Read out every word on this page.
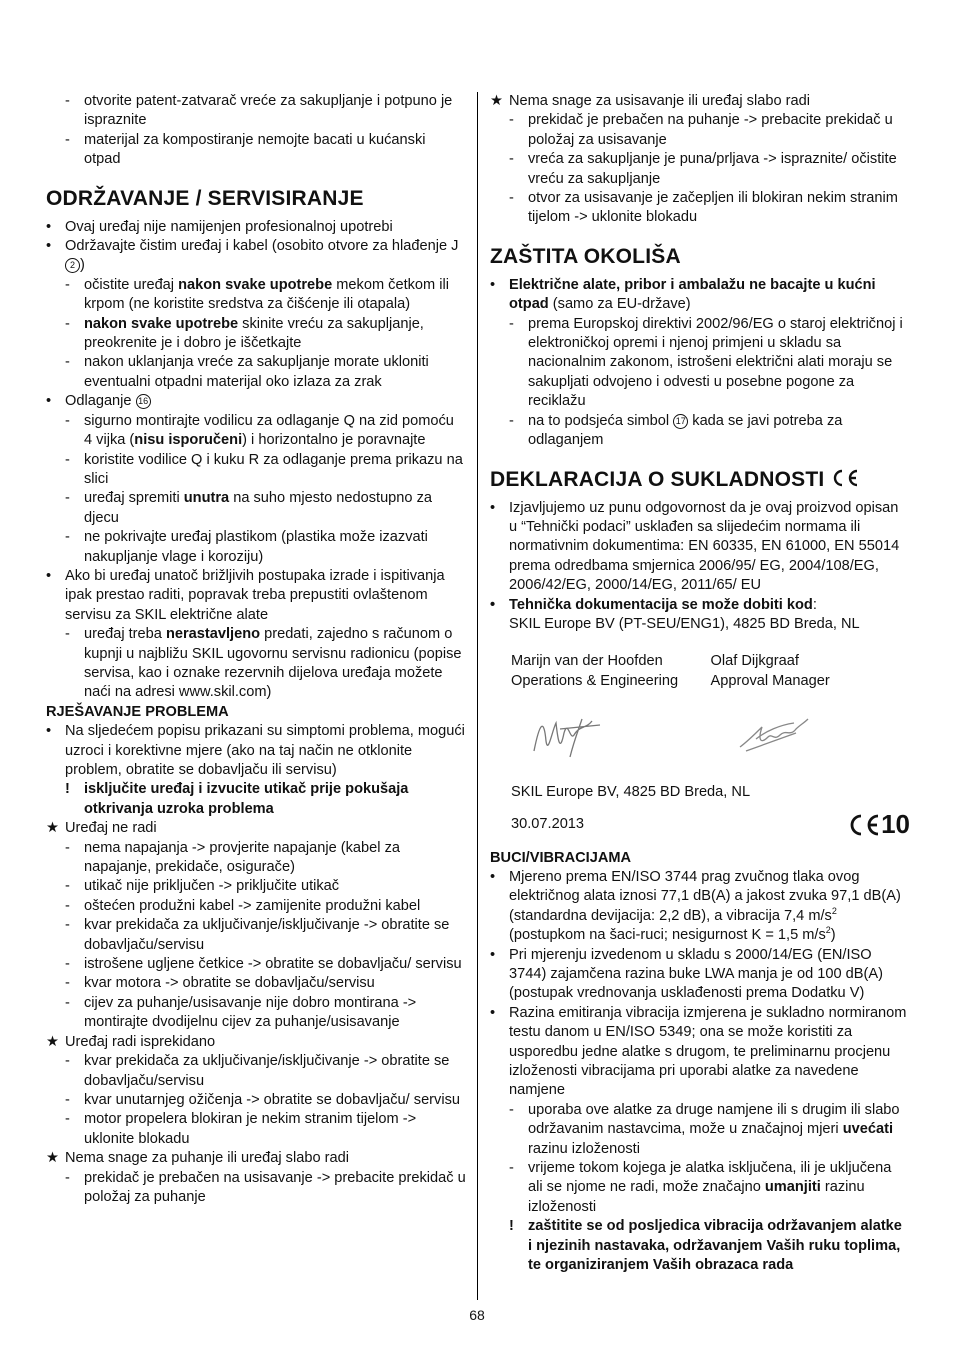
- otvorite patent-zatvarač vreće za sakupljanje i potpuno je ispraznite
- materijal za kompostiranje nemojte bacati u kućanski otpad
ODRŽAVANJE / SERVISIRANJE
• Ovaj uređaj nije namijenjen profesionalnoj upotrebi
• Održavajte čistim uređaj i kabel (osobito otvore za hlađenje J 2 )
- očistite uređaj nakon svake upotrebe mekom četkom ili krpom (ne koristite sredstva za čišćenje ili otapala)
- nakon svake upotrebe skinite vreću za sakupljanje, preokrenite je i dobro je iščetkajte
- nakon uklanjanja vreće za sakupljanje morate ukloniti eventualni otpadni materijal oko izlaza za zrak
• Odlaganje 16
- sigurno montirajte vodilicu za odlaganje Q na zid pomoću 4 vijka (nisu isporučeni) i horizontalno je poravnajte
- koristite vodilice Q i kuku R za odlaganje prema prikazu na slici
- uređaj spremiti unutra na suho mjesto nedostupno za djecu
- ne pokrivajte uređaj plastikom (plastika može izazvati nakupljanje vlage i koroziju)
• Ako bi uređaj unatoč brižljivih postupaka izrade i ispitivanja ipak prestao raditi, popravak treba prepustiti ovlaštenom servisu za SKIL električne alate
- uređaj treba nerastavljeno predati, zajedno s računom o kupnji u najbližu SKIL ugovornu servisnu radionicu (popise servisa, kao i oznake rezervnih dijelova uređaja možete naći na adresi www.skil.com)
RJEŠAVANJE PROBLEMA
• Na sljedećem popisu prikazani su simptomi problema, mogući uzroci i korektivne mjere (ako na taj način ne otklonite problem, obratite se dobavljaču ili servisu)
! isključite uređaj i izvucite utikač prije pokušaja otkrivanja uzroka problema
★ Uređaj ne radi
- nema napajanja -> provjerite napajanje (kabel za napajanje, prekidače, osigurače)
- utikač nije priključen -> priključite utikač
- oštećen produžni kabel -> zamijenite produžni kabel
- kvar prekidača za uključivanje/isključivanje -> obratite se dobavljaču/servisu
- istrošene ugljene četkice -> obratite se dobavljaču/ servisu
- kvar motora -> obratite se dobavljaču/servisu
- cijev za puhanje/usisavanje nije dobro montirana -> montirajte dvodijelnu cijev za puhanje/usisavanje
★ Uređaj radi isprekidano
- kvar prekidača za uključivanje/isključivanje -> obratite se dobavljaču/servisu
- kvar unutarnjeg ožičenja -> obratite se dobavljaču/ servisu
- motor propelera blokiran je nekim stranim tijelom -> uklonite blokadu
★ Nema snage za puhanje ili uređaj slabo radi
- prekidač je prebačen na usisavanje -> prebacite prekidač u položaj za puhanje
★ Nema snage za usisavanje ili uređaj slabo radi
- prekidač je prebačen na puhanje -> prebacite prekidač u položaj za usisavanje
- vreća za sakupljanje je puna/prljava -> ispraznite/ očistite vreću za sakupljanje
- otvor za usisavanje je začepljen ili blokiran nekim stranim tijelom -> uklonite blokadu
ZAŠTITA OKOLIŠA
• Električne alate, pribor i ambalažu ne bacajte u kućni otpad (samo za EU-države)
- prema Europskoj direktivi 2002/96/EG o staroj električnoj i elektroničkoj opremi i njenoj primjeni u skladu sa nacionalnim zakonom, istrošeni električni alati moraju se sakupljati odvojeno i odvesti u posebne pogone za reciklažu
- na to podsjeća simbol 17 kada se javi potreba za odlaganjem
DEKLARACIJA O SUKLADNOSTI
• Izjavljujemo uz punu odgovornost da je ovaj proizvod opisan u “Tehnički podaci” usklađen sa slijedećim normama ili normativnim dokumentima: EN 60335, EN 61000, EN 55014 prema odredbama smjernica 2006/95/ EG, 2004/108/EG, 2006/42/EG, 2000/14/EG, 2011/65/ EU
• Tehnička dokumentacija se može dobiti kod:
SKIL Europe BV (PT-SEU/ENG1), 4825 BD Breda, NL
Marijn van der Hoofden
Operations & Engineering
Olaf Dijkgraaf
Approval Manager
SKIL Europe BV, 4825 BD Breda, NL
30.07.2013	10
BUCI/VIBRACIJAMA
• Mjereno prema EN/ISO 3744 prag zvučnog tlaka ovog električnog alata iznosi 77,1 dB(A) a jakost zvuka 97,1 dB(A) (standardna devijacija: 2,2 dB), a vibracija 7,4 $m/s^2$ (postupkom na šaci-ruci; nesigurnost K = 1,5 $m/s^2$)
• Pri mjerenju izvedenom u skladu s 2000/14/EG (EN/ISO 3744) zajamčena razina buke LWA manja je od 100 dB(A) (postupak vrednovanja usklađenosti prema Dodatku V)
• Razina emitiranja vibracija izmjerena je sukladno normiranom testu danom u EN/ISO 5349; ona se može koristiti za usporedbu jedne alatke s drugom, te preliminarnu procjenu izloženosti vibracijama pri uporabi alatke za navedene namjene
- uporaba ove alatke za druge namjene ili s drugim ili slabo održavanim nastavcima, može u značajnoj mjeri uvećati razinu izloženosti
- vrijeme tokom kojega je alatka isključena, ili je uključena ali se njome ne radi, može značajno umanjiti razinu izloženosti
! zaštitite se od posljedica vibracija održavanjem alatke i njezinih nastavaka, održavanjem Vaših ruku toplima, te organiziranjem Vaših obrazaca rada
68
